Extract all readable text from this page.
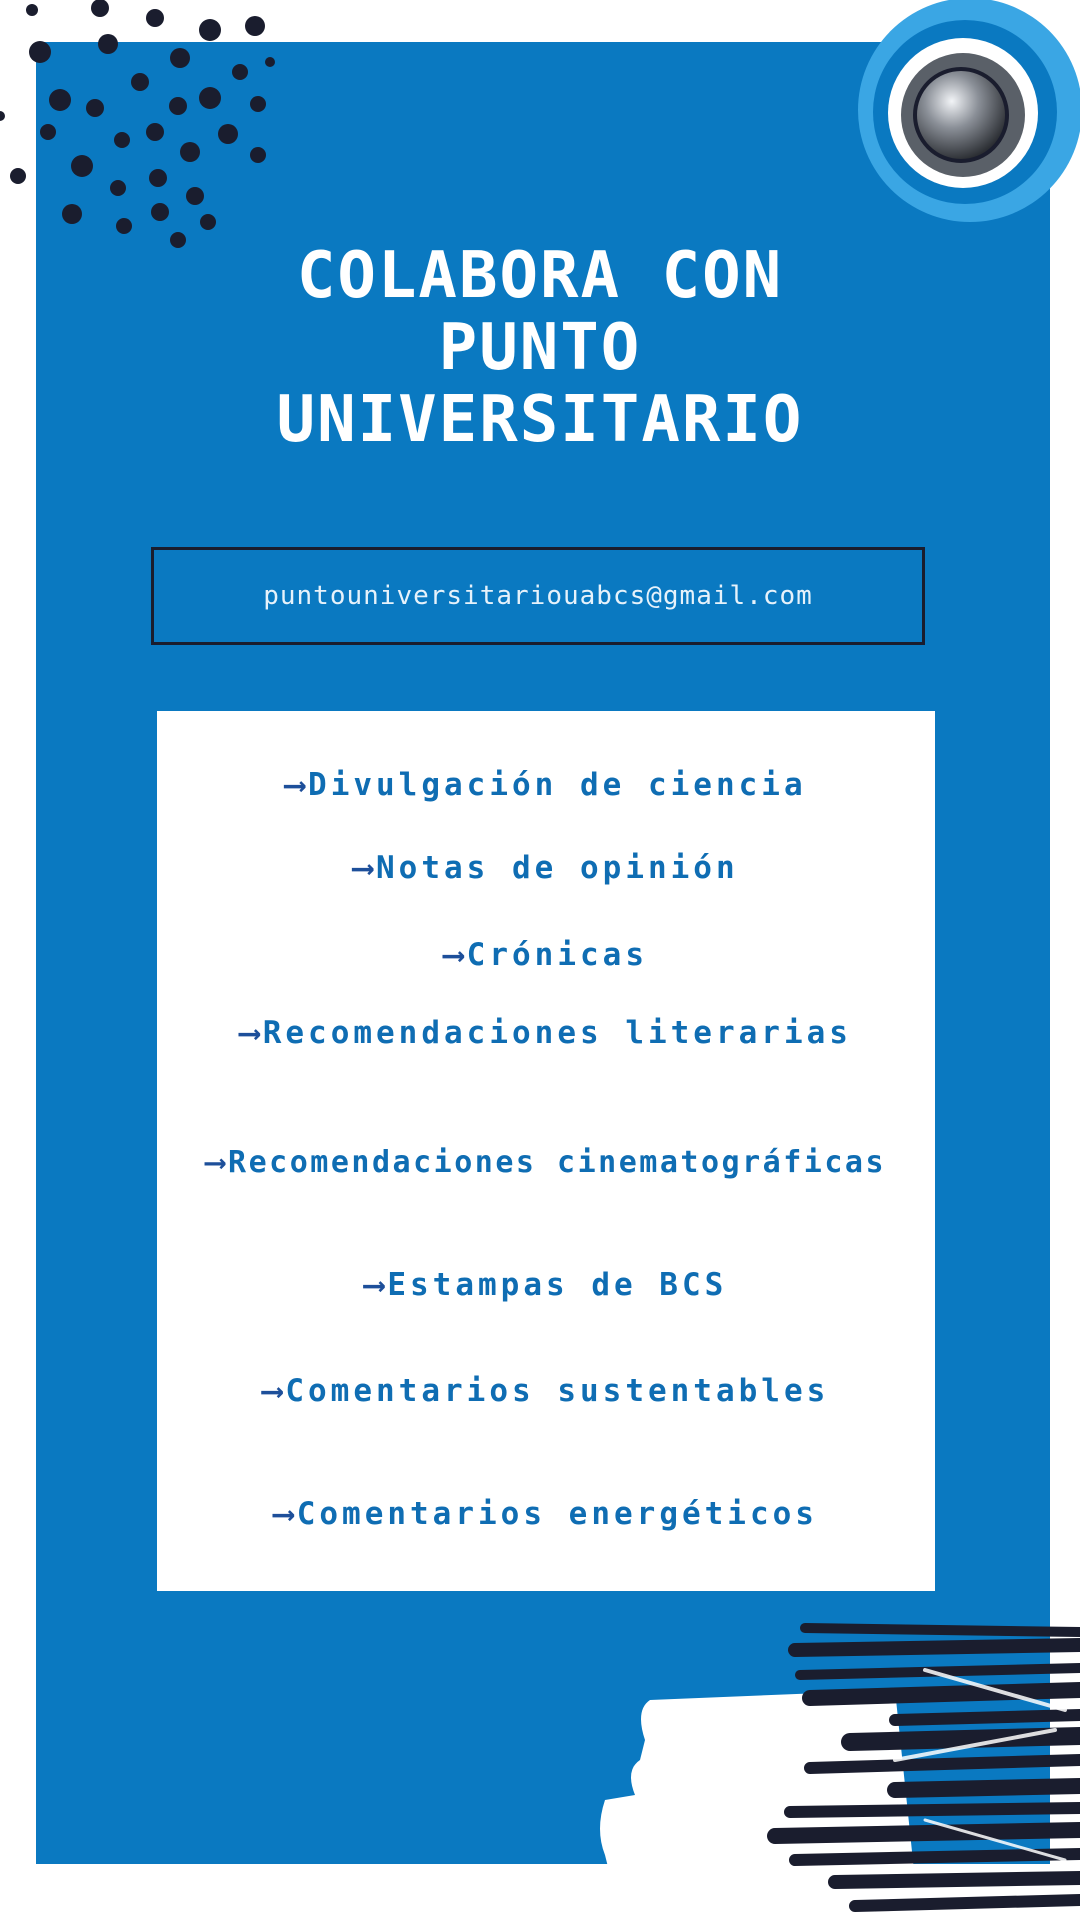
COLABORA CON
PUNTO
UNIVERSITARIO
puntouniversitariouabcs@gmail.com
⟶ Divulgación de ciencia
⟶ Notas de opinión
⟶ Crónicas
⟶ Recomendaciones literarias
⟶ Recomendaciones cinematográficas
⟶ Estampas de BCS
⟶ Comentarios sustentables
⟶ Comentarios energéticos
